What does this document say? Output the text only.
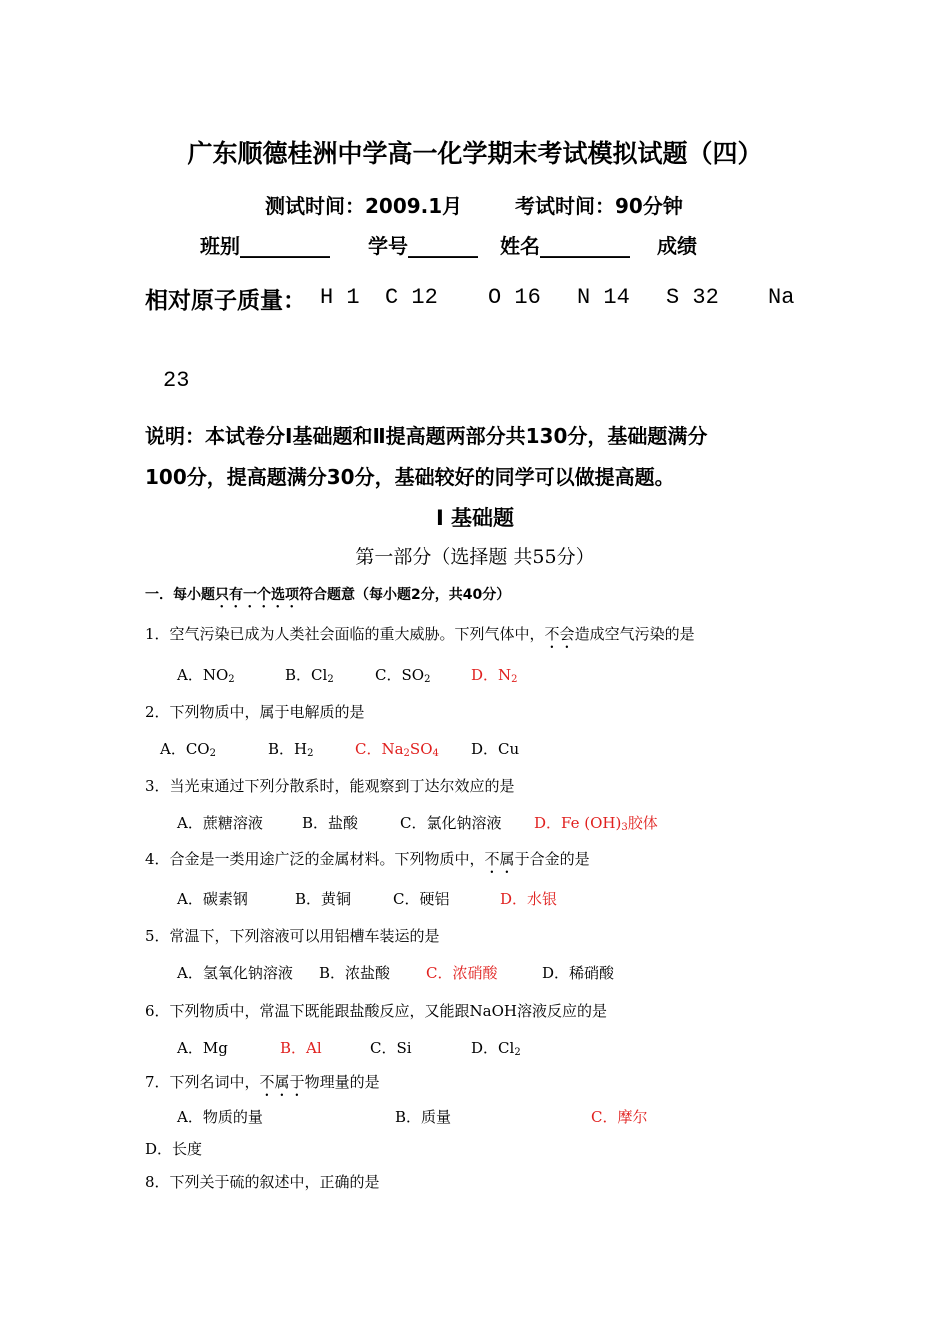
广东顺德桂洲中学高一化学期末考试模拟试题（四）
测试时间：2009.1月	考试时间：90分钟
班别_________ 学号_______ 姓名_________ 成绩
相对原子质量： H 1 C 12 O 16 N 14 S 32 Na
23
说明：本试卷分Ⅰ基础题和Ⅱ提高题两部分共130分，基础题满分
100分，提高题满分30分，基础较好的同学可以做提高题。
Ⅰ 基础题
第一部分（选择题 共55分）
一．每小题只有一个选项符合题意（每小题2分，共40分）
1．空气污染已成为人类社会面临的重大威胁。下列气体中，不会造成空气污染的是
A．$NO_2$	B．$Cl_2$	C．$SO_2$	D．$N_2$
2．下列物质中，属于电解质的是
A．$CO_2$	B．$H_2$	C．$Na_2SO_4$ D．Cu
3．当光束通过下列分散系时，能观察到丁达尔效应的是
A．蔗糖溶液	B．盐酸	C．氯化钠溶液 D．Fe $(OH)_3$胶体
4．合金是一类用途广泛的金属材料。下列物质中，不属于合金的是
A．碳素钢	B．黄铜	C．硬铝	D．水银
5．常温下，下列溶液可以用铝槽车装运的是
A．氢氧化钠溶液 B．浓盐酸 C．浓硝酸	D．稀硝酸
6．下列物质中，常温下既能跟盐酸反应，又能跟NaOH溶液反应的是
A．Mg	B．Al	C．Si	D．$Cl_2$
7．下列名词中，不属于物理量的是
A．物质的量	B．质量	C．摩尔
D．长度
8．下列关于硫的叙述中，正确的是
